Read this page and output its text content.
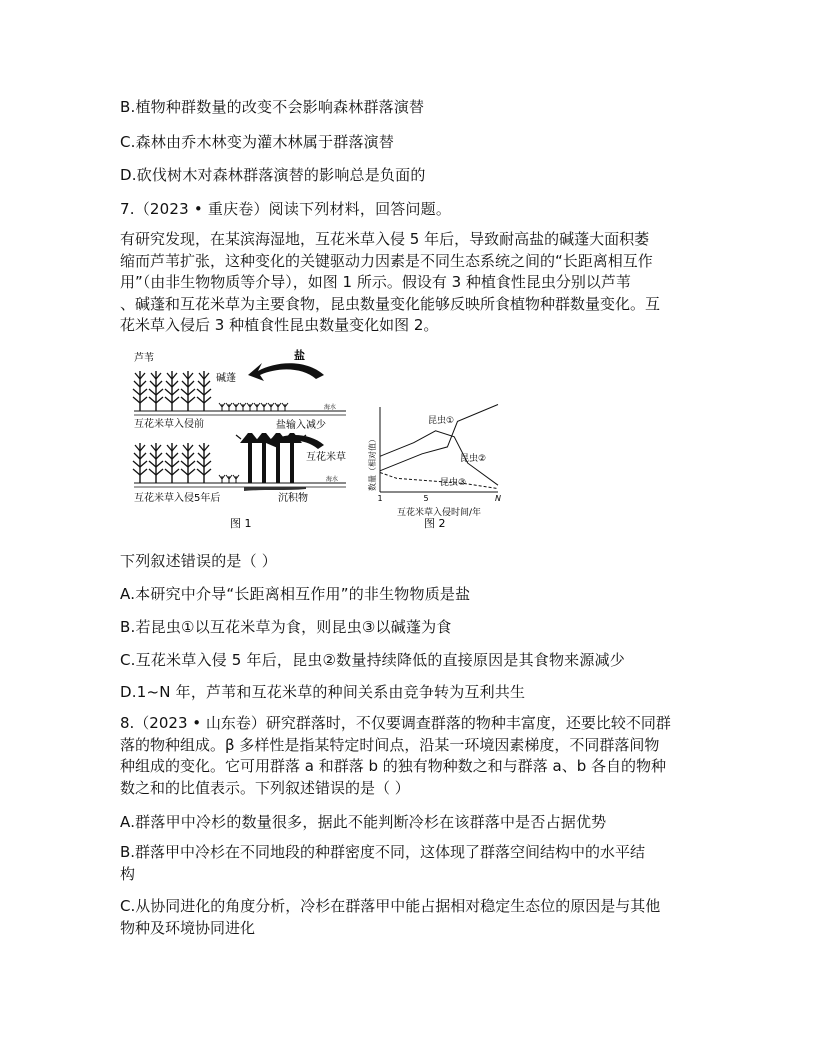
B.植物种群数量的改变不会影响森林群落演替
C.森林由乔木林变为灌木林属于群落演替
D.砍伐树木对森林群落演替的影响总是负面的
7.（2023 • 重庆卷）阅读下列材料，回答问题。
有研究发现，在某滨海湿地，互花米草入侵 5 年后，导致耐高盐的碱蓬大面积萎
缩而芦苇扩张，这种变化的关键驱动力因素是不同生态系统之间的“长距离相互作
用”（由非生物物质等介导），如图 1 所示。假设有 3 种植食性昆虫分别以芦苇
、碱蓬和互花米草为主要食物，昆虫数量变化能够反映所食植物种群数量变化。互
花米草入侵后 3 种植食性昆虫数量变化如图 2。
芦苇
碱蓬
盐
海水
互花米草入侵前	盐输入减少
互花米草
海水
互花米草入侵5年后	沉积物
图 1
数量（相对值）
1	5	N
互花米草入侵时间/年
昆虫①
昆虫②
昆虫③
图 2
下列叙述错误的是（ ）
A.本研究中介导“长距离相互作用”的非生物物质是盐
B.若昆虫①以互花米草为食，则昆虫③以碱蓬为食
C.互花米草入侵 5 年后，昆虫②数量持续降低的直接原因是其食物来源减少
D.1~N 年，芦苇和互花米草的种间关系由竞争转为互利共生
8.（2023 • 山东卷）研究群落时，不仅要调查群落的物种丰富度，还要比较不同群
落的物种组成。β 多样性是指某特定时间点，沿某一环境因素梯度，不同群落间物
种组成的变化。它可用群落 a 和群落 b 的独有物种数之和与群落 a、b 各自的物种
数之和的比值表示。下列叙述错误的是（ ）
A.群落甲中冷杉的数量很多，据此不能判断冷杉在该群落中是否占据优势
B.群落甲中冷杉在不同地段的种群密度不同，这体现了群落空间结构中的水平结
构
C.从协同进化的角度分析，冷杉在群落甲中能占据相对稳定生态位的原因是与其他
物种及环境协同进化
